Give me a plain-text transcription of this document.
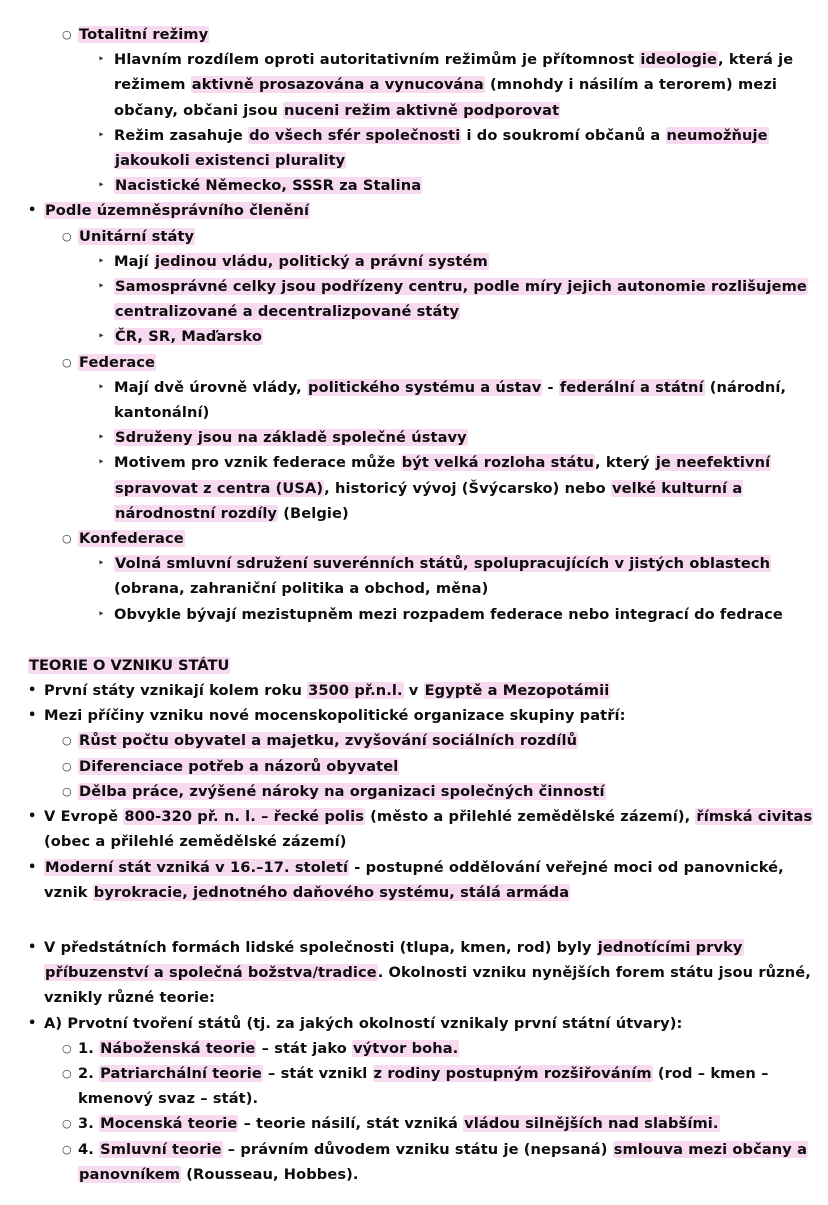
○ Totalitní režimy
‣ Hlavním rozdílem oproti autoritativním režimům je přítomnost ideologie, která je režimem aktivně prosazována a vynucována (mnohdy i násilím a terorem) mezi občany, občani jsou nuceni režim aktivně podporovat
‣ Režim zasahuje do všech sfér společnosti i do soukromí občanů a neumožňuje jakoukoli existenci plurality
‣ Nacistické Německo, SSSR za Stalina
• Podle územněsprávního členění
○ Unitární státy
‣ Mají jedinou vládu, politický a právní systém
‣ Samosprávné celky jsou podřízeny centru, podle míry jejich autonomie rozlišujeme centralizované a decentralizpované státy
‣ ČR, SR, Maďarsko
○ Federace
‣ Mají dvě úrovně vlády, politického systému a ústav - federální a státní (národní, kantonální)
‣ Sdruženy jsou na základě společné ústavy
‣ Motivem pro vznik federace může být velká rozloha státu, který je neefektivní spravovat z centra (USA), historicý vývoj (Švýcarsko) nebo velké kulturní a národnostní rozdíly (Belgie)
○ Konfederace
‣ Volná smluvní sdružení suverénních států, spolupracujících v jistých oblastech (obrana, zahraniční politika a obchod, měna)
‣ Obvykle bývají mezistupněm mezi rozpadem federace nebo integrací do fedrace
TEORIE O VZNIKU STÁTU
• První státy vznikají kolem roku 3500 př.n.l. v Egyptě a Mezopotámii
• Mezi příčiny vzniku nové mocenskopolitické organizace skupiny patří:
○ Růst počtu obyvatel a majetku, zvyšování sociálních rozdílů
○ Diferenciace potřeb a názorů obyvatel
○ Dělba práce, zvýšené nároky na organizaci společných činností
• V Evropě 800-320 př. n. l. – řecké polis (město a přilehlé zemědělské zázemí), římská civitas (obec a přilehlé zemědělské zázemí)
• Moderní stát vzniká v 16.–17. století - postupné oddělování veřejné moci od panovnické, vznik byrokracie, jednotného daňového systému, stálá armáda
• V předstátních formách lidské společnosti (tlupa, kmen, rod) byly jednotícími prvky příbuzenství a společná božstva/tradice. Okolnosti vzniku nynějších forem státu jsou různé, vznikly různé teorie:
• A) Prvotní tvoření států (tj. za jakých okolností vznikaly první státní útvary):
○ 1. Náboženská teorie – stát jako výtvor boha.
○ 2. Patriarchální teorie – stát vznikl z rodiny postupným rozšiřováním (rod – kmen – kmenový svaz – stát).
○ 3. Mocenská teorie – teorie násilí, stát vzniká vládou silnějších nad slabšími.
○ 4. Smluvní teorie – právním důvodem vzniku státu je (nepsaná) smlouva mezi občany a panovníkem (Rousseau, Hobbes).
